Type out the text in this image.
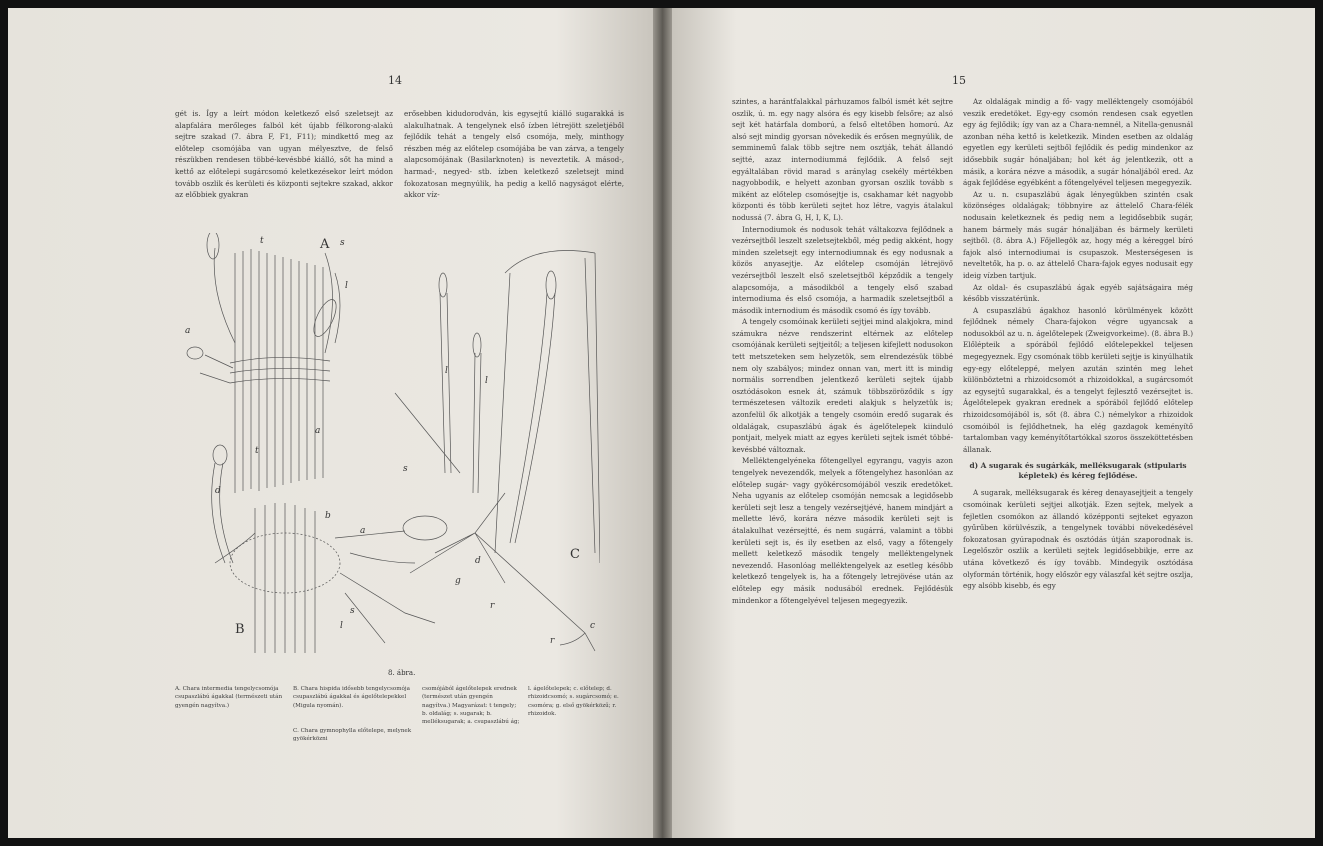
14

gét is. Így a leírt módon keletkező első szeletsejt az alapfalára merőleges falból két újabb félkorong-alakú sejtre szakad (7. ábra F, F1, F11); mindkettő meg az előtelep csomójába van ugyan mélyesztve, de felső részükben rendesen többé-kevésbbé kiálló, sőt ha mind a kettő az előtelepi sugárcsomó keletkezésekor leírt módon tovább oszlik és kerületi és központi sejtekre szakad, akkor az előbbiek gyakran

erősebben kidudorodván, kis egysejtű kiálló sugarakká is alakulhatnak. A tengelynek első ízben létrejött szeletjéből fejlődik tehát a tengely első csomója, mely, minthogy részben még az előtelep csomójába be van zárva, a tengely alapcsomójának (Basilarknoten) is neveztetik. A másod-, harmad-, negyed- stb. ízben keletkező szeletsejt mind fokozatosan megnyúlik, ha pedig a kellő nagyságot elérte, akkor víz-

A
B
C
a
t
a
t	s
l
a
b
s
l
d
l
l
s
d
g
c
r
r
8. ábra.
A. Chara intermedia tengelycsomója csupaszlábú ágakkal (természeti után gyengén nagyítva.)
B. Chara hispida idősebb tengelycsomója csupaszlábú ágakkal és ágelőtelepekkel (Migula nyomán).
C. Chara gymnophylla előtelepe, melynek gyökérközni
csomójából ágelőtelepek erednek (természet után gyengén nagyítva.) Magyarázat: t tengely; b. oldalág; s. sugarak; b. melléksugarak; a. csupaszlábú ág;
l. ágelőtelepek; c. előtelep; d. rhizoidcsomó; s. sugárcsomó; e. csomóra; g. első gyökérközű; r. rhizoidok.
15

szintes, a harántfalakkal párhuzamos falból ismét két sejtre oszlik, ú. m. egy nagy alsóra és egy kisebb felsőre; az alsó sejt két határfala domború, a felső eltetőben homorú. Az alsó sejt mindig gyorsan növekedik és erősen megnyúlik, de semminemű falak több sejtre nem osztják, tehát állandó sejtté, azaz internodiummá fejlődik. A felső sejt egyáltalában rövid marad s aránylag csekély mértékben nagyobbodik, e helyett azonban gyorsan oszlik tovább s miként az előtelep csomósejtje is, csakhamar két nagyobb központi és több kerületi sejtet hoz létre, vagyis átalakul nodussá (7. ábra G, H, I, K, L).

Internodiumok és nodusok tehát váltakozva fejlődnek a vezérsejtből leszelt szeletsejtekből, még pedig akként, hogy minden szeletsejt egy internodiumnak és egy nodusnak a közös anyasejtje. Az előtelep csomóján létrejövő vezérsejtből leszelt első szeletsejtből képződik a tengely alapcsomója, a másodikból a tengely első szabad internodiuma és első csomója, a harmadik szeletsejtből a második internodium és második csomó és így tovább.

A tengely csomóinak kerületi sejtjei mind alakjokra, mind számukra nézve rendszerint eltérnek az előtelep csomójának kerületi sejtjeitől; a teljesen kifejlett nodusokon tett metszeteken sem helyzetök, sem elrendezésük többé nem oly szabályos; mindez onnan van, mert itt is mindig normális sorrendben jelentkező kerületi sejtek újabb osztódásokon esnek át, számuk többszöröződik s így természetesen változik eredeti alakjuk s helyzetük is; azonfelül ők alkotják a tengely csomóin eredő sugarak és oldalágak, csupaszlábú ágak és ágelőtelepek kiinduló pontjait, melyek miatt az egyes kerületi sejtek ismét többé-kevésbbé változnak.

Melléktengelyéneka főtengellyel egyrangu, vagyis azon tengelyek nevezendők, melyek a főtengelyhez hasonlóan az előtelep sugár- vagy gyökércsomójából veszik eredetöket. Neha ugyanis az előtelep csomóján nemcsak a legidősebb kerületi sejt lesz a tengely vezérsejtjévé, hanem mindjárt a mellette lévő, korára nézve második kerületi sejt is átalakulhat vezérsejtté, és nem sugárrá, valamint a többi kerületi sejt is, és ily esetben az első, vagy a főtengely mellett keletkező második tengely melléktengelynek nevezendő. Hasonlóag melléktengelyek az esetleg később keletkező tengelyek is, ha a főtengely letrejövése után az előtelep egy másik nodusából erednek. Fejlődésük mindenkor a főtengelyével teljesen megegyezik.

Az oldalágak mindig a fő- vagy melléktengely csomójából veszik eredetöket. Egy-egy csomón rendesen csak egyetlen egy ág fejlődik; így van az a Chara-nemnél, a Nitella-genusnál azonban néha kettő is keletkezik. Minden esetben az oldalág egyetlen egy kerületi sejtből fejlődik és pedig mindenkor az idősebbik sugár hónaljában; hol két ág jelentkezik, ott a másik, a korára nézve a második, a sugár hónaljából ered. Az ágak fejlődése egyébként a főtengelyével teljesen megegyezik.

Az u. n. csupaszlábú ágak lényegükben szintén csak közönséges oldalágak; többnyire az áttelelő Chara-félék nodusain keletkeznek és pedig nem a legidősebbik sugár, hanem bármely más sugár hónaljában és bármely kerületi sejtből. (8. ábra A.) Főjellegök az, hogy még a kéreggel bíró fajok alsó internodiumai is csupaszok. Mesterségesen is neveltetők, ha p. o. az áttelelő Chara-fajok egyes nodusait egy ideig vízben tartjuk.

Az oldal- és csupaszlábú ágak egyéb sajátságaira még később visszatérünk.

A csupaszlábú ágakhoz hasonló körülmények között fejlődnek némely Chara-fajokon végre ugyancsak a nodusokból az u. n. ágelőtelepek (Zweigvorkeime). (8. ábra B.) Előlépteik a spórából fejlődő előtelepekkel teljesen megegyeznek. Egy csomónak több kerületi sejtje is kinyúlhatik egy-egy előteleppé, melyen azután szintén meg lehet különböztetni a rhizoidcsomót a rhizoidokkal, a sugárcsomót az egysejtű sugarakkal, és a tengelyt fejlesztő vezérsejtet is. Ágelőtelepek gyakran erednek a spórából fejlődő előtelep rhizoidcsomójából is, sőt (8. ábra C.) némelykor a rhizoidok csomóiból is fejlődhetnek, ha elég gazdagok keményítő tartalomban vagy keményítőtartókkal szoros összeköttetésben állanak.

d) A sugarak és sugárkák, melléksugarak (stipularis képletek) és kéreg fejlődése.

A sugarak, melléksugarak és kéreg denayasejtjeit a tengely csomóinak kerületi sejtjei alkotják. Ezen sejtek, melyek a fejletlen csomókon az állandó középponti sejteket egyazon gyűrűben körülvészik, a tengelynek további növekedésével fokozatosan gyúrapodnak és osztódás útján szaporodnak is. Legelőször oszlik a kerületi sejtek legidősebbikje, erre az utána következő és így tovább. Mindegyik osztódása olyformán történik, hogy először egy válaszfal két sejtre oszlja, egy alsóbb kisebb, és egy
